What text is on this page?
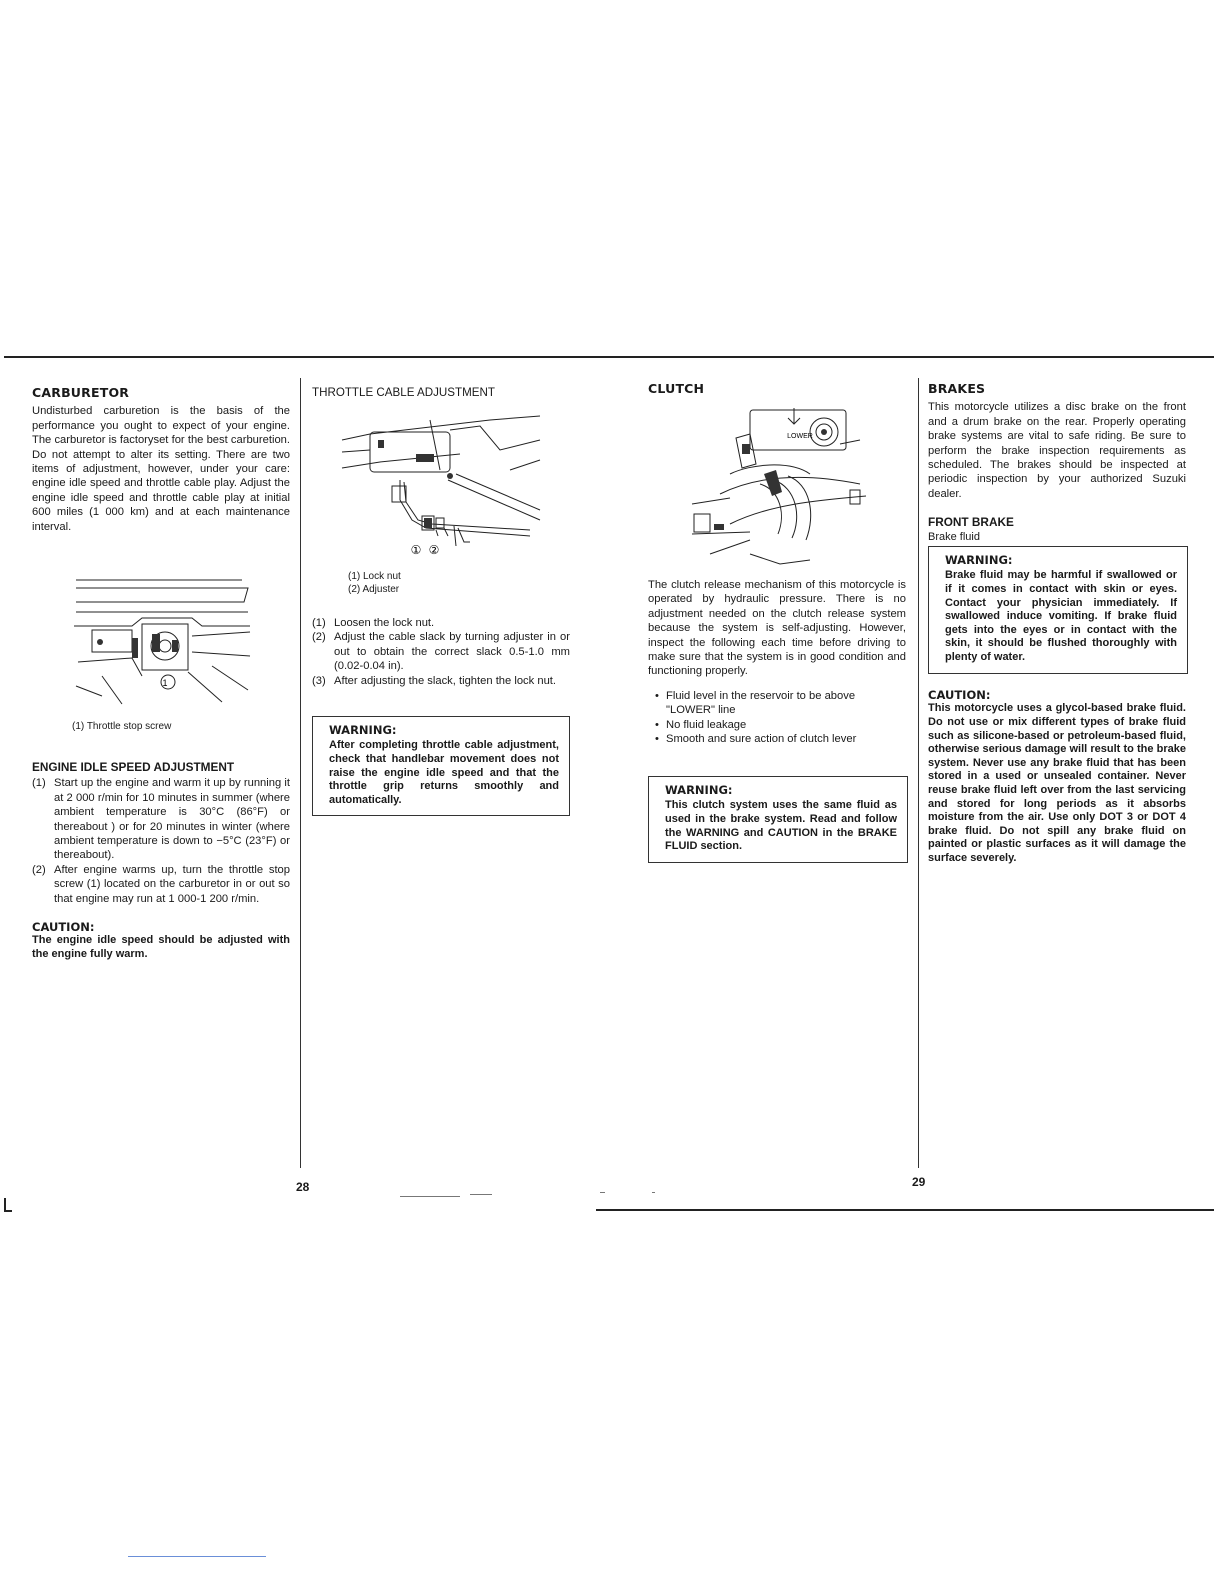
CARBURETOR

Undisturbed carburetion is the basis of the performance you ought to expect of your engine. The carburetor is factoryset for the best carburetion. Do not attempt to alter its setting. There are two items of adjustment, however, under your care: engine idle speed and throttle cable play. Adjust the engine idle speed and throttle cable play at initial 600 miles (1 000 km) and at each maintenance interval.

1
(1) Throttle stop screw
ENGINE IDLE SPEED ADJUSTMENT
(1) Start up the engine and warm it up by running it at 2 000 r/min for 10 minutes in summer (where ambient temperature is 30°C (86°F) or thereabout ) or for 20 minutes in winter (where ambient temperature is down to −5°C (23°F) or thereabout).
(2) After engine warms up, turn the throttle stop screw (1) located on the carburetor in or out so that engine may run at 1 000-1 200 r/min.
CAUTION:
The engine idle speed should be adjusted with the engine fully warm.
28
THROTTLE CABLE ADJUSTMENT
① ②
(1) Lock nut
(2) Adjuster
(1) Loosen the lock nut.
(2) Adjust the cable slack by turning adjuster in or out to obtain the correct slack 0.5-1.0 mm (0.02-0.04 in).
(3) After adjusting the slack, tighten the lock nut.
WARNING:
After completing throttle cable adjustment, check that handlebar movement does not raise the engine idle speed and that the throttle grip returns smoothly and automatically.
CLUTCH
LOWER

The clutch release mechanism of this motorcycle is operated by hydraulic pressure. There is no adjustment needed on the clutch release system because the system is self-adjusting. However, inspect the following each time before driving to make sure that the system is in good condition and functioning properly.

• Fluid level in the reservoir to be above "LOWER" line
• No fluid leakage
• Smooth and sure action of clutch lever
WARNING:
This clutch system uses the same fluid as used in the brake system. Read and follow the WARNING and CAUTION in the BRAKE FLUID section.
BRAKES

This motorcycle utilizes a disc brake on the front and a drum brake on the rear. Properly operating brake systems are vital to safe riding. Be sure to perform the brake inspection requirements as scheduled. The brakes should be inspected at periodic inspection by your authorized Suzuki dealer.

FRONT BRAKE
Brake fluid
WARNING:
Brake fluid may be harmful if swallowed or if it comes in contact with skin or eyes. Contact your physician immediately. If swallowed induce vomiting. If brake fluid gets into the eyes or in contact with the skin, it should be flushed thoroughly with plenty of water.
CAUTION:
This motorcycle uses a glycol-based brake fluid. Do not use or mix different types of brake fluid such as silicone-based or petroleum-based fluid, otherwise serious damage will result to the brake system. Never use any brake fluid that has been stored in a used or unsealed container. Never reuse brake fluid left over from the last servicing and stored for long periods as it absorbs moisture from the air. Use only DOT 3 or DOT 4 brake fluid. Do not spill any brake fluid on painted or plastic surfaces as it will damage the surface severely.
29
